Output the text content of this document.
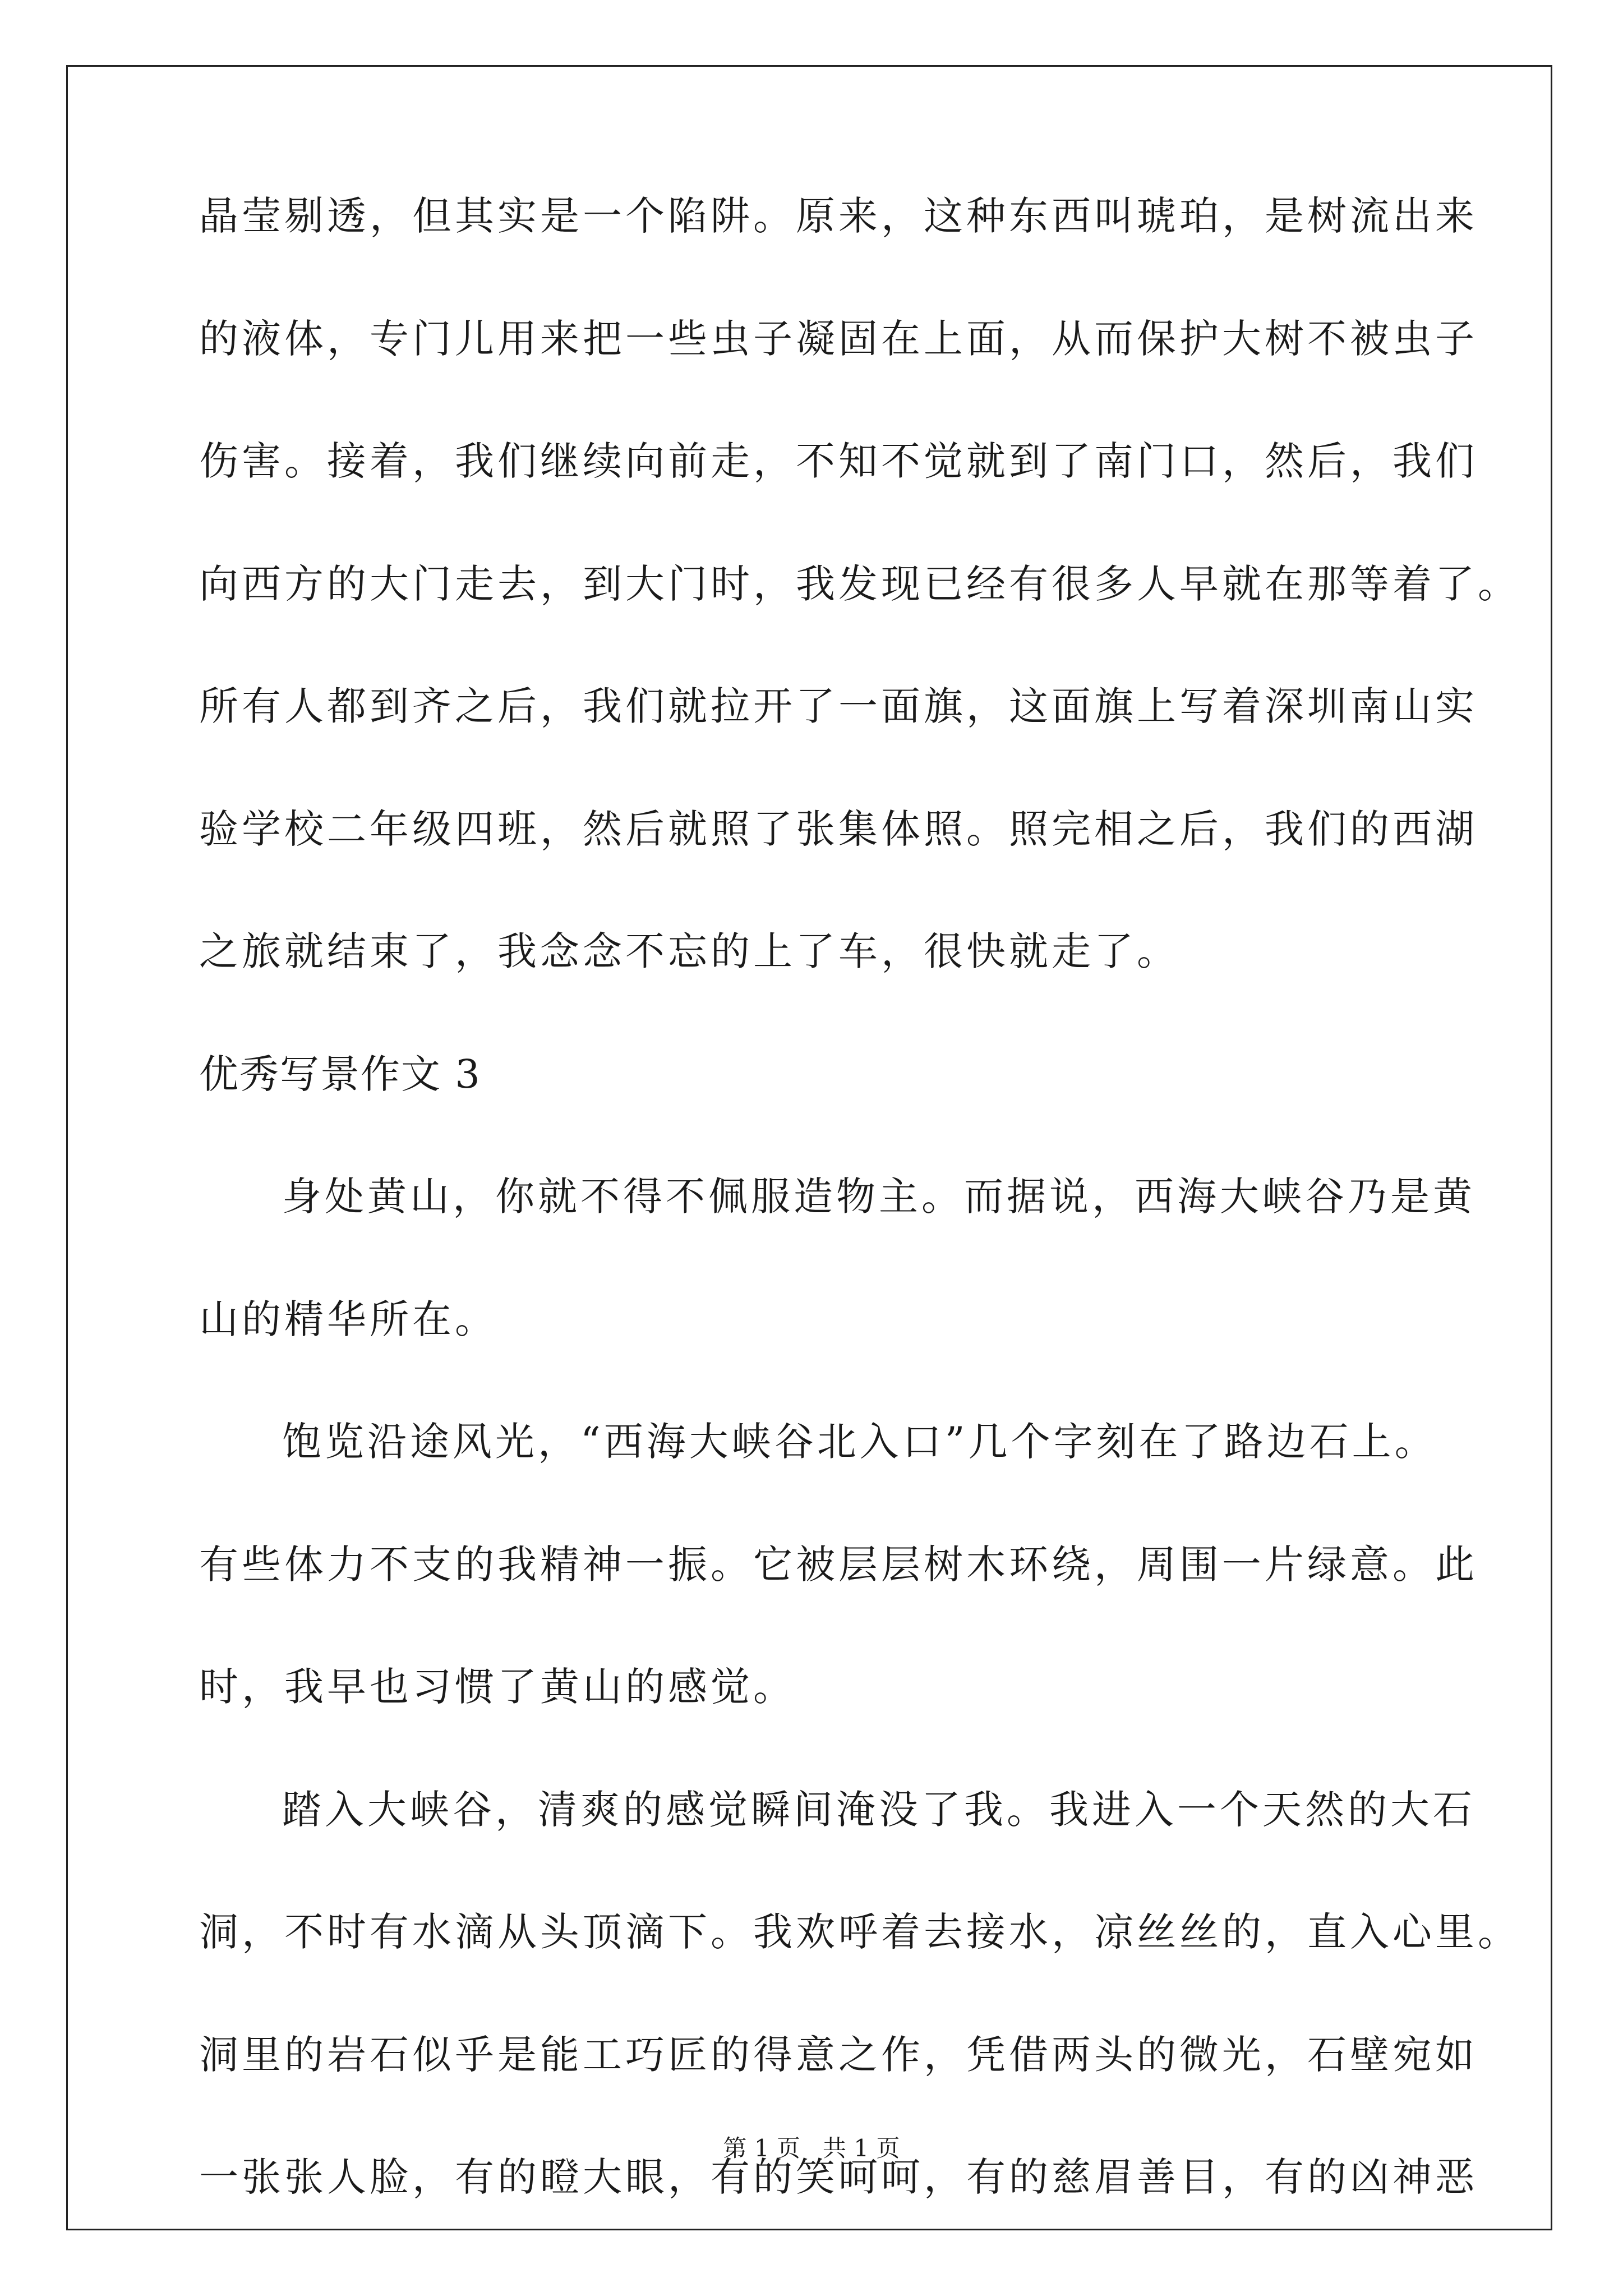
晶莹剔透，但其实是一个陷阱。原来，这种东西叫琥珀，是树流出来
的液体，专门儿用来把一些虫子凝固在上面，从而保护大树不被虫子
伤害。接着，我们继续向前走，不知不觉就到了南门口，然后，我们
向西方的大门走去，到大门时，我发现已经有很多人早就在那等着了。
所有人都到齐之后，我们就拉开了一面旗，这面旗上写着深圳南山实
验学校二年级四班，然后就照了张集体照。照完相之后，我们的西湖
之旅就结束了，我念念不忘的上了车，很快就走了。
优秀写景作文 3
身处黄山，你就不得不佩服造物主。而据说，西海大峡谷乃是黄
山的精华所在。
饱览沿途风光，“西海大峡谷北入口”几个字刻在了路边石上。
有些体力不支的我精神一振。它被层层树木环绕，周围一片绿意。此
时，我早也习惯了黄山的感觉。
踏入大峡谷，清爽的感觉瞬间淹没了我。我进入一个天然的大石
洞，不时有水滴从头顶滴下。我欢呼着去接水，凉丝丝的，直入心里。
洞里的岩石似乎是能工巧匠的得意之作，凭借两头的微光，石壁宛如
一张张人脸，有的瞪大眼，有的笑呵呵，有的慈眉善目，有的凶神恶
第 1 页   共 1 页
